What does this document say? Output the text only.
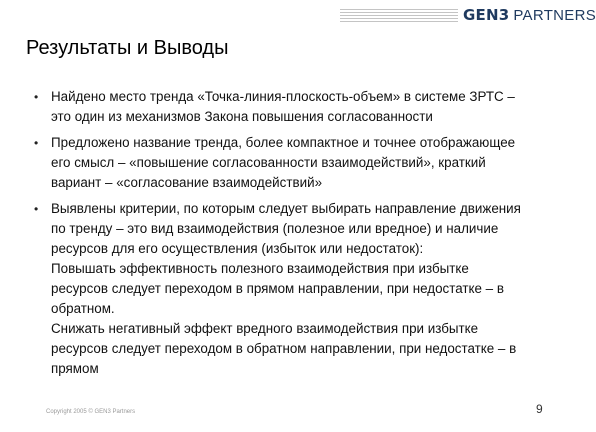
GEN3 PARTNERS
Результаты и Выводы
• Найдено место тренда «Точка-линия-плоскость-объем» в системе ЗРТС –
это один из механизмов Закона повышения согласованности
• Предложено название тренда, более компактное и точнее отображающее
его смысл – «повышение согласованности взаимодействий», краткий
вариант – «согласование взаимодействий»
• Выявлены критерии, по которым следует выбирать направление движения
по тренду – это вид взаимодействия (полезное или вредное) и наличие
ресурсов для его осуществления (избыток или недостаток):
Повышать эффективность полезного взаимодействия при избытке
ресурсов следует переходом в прямом направлении, при недостатке – в
обратном.
Снижать негативный эффект вредного взаимодействия при избытке
ресурсов следует переходом в обратном направлении, при недостатке – в
прямом
Copyright 2005 © GEN3 Partners	9
